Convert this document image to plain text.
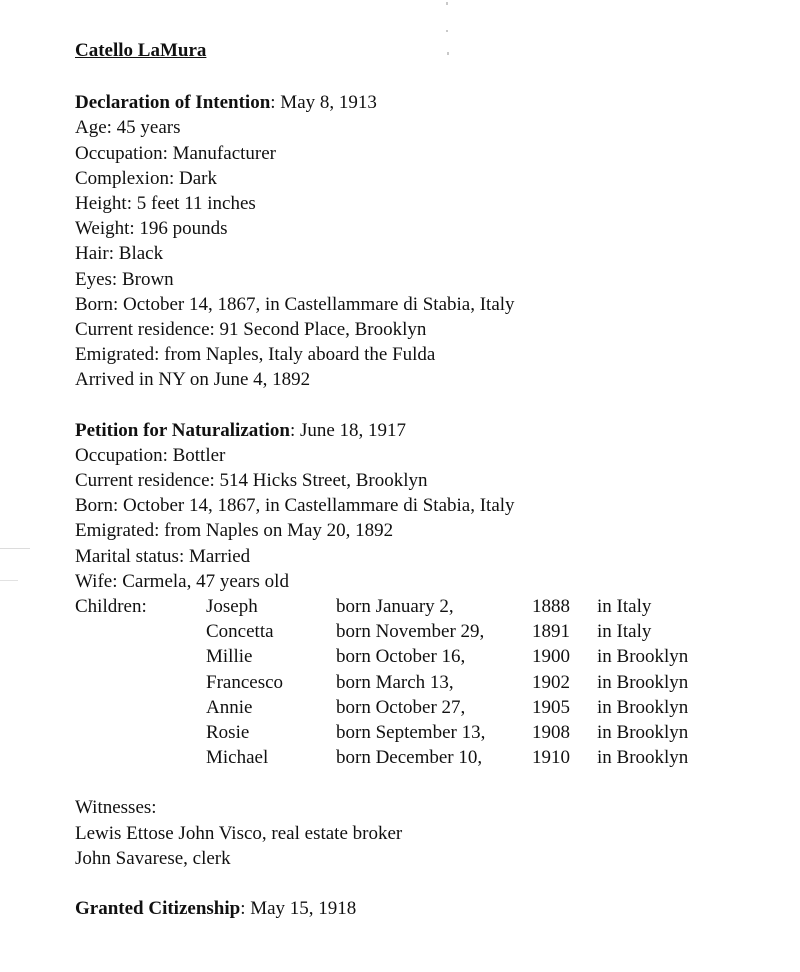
Catello LaMura
Declaration of Intention: May 8, 1913
Age: 45 years
Occupation: Manufacturer
Complexion: Dark
Height: 5 feet 11 inches
Weight: 196 pounds
Hair: Black
Eyes: Brown
Born: October 14, 1867, in Castellammare di Stabia, Italy
Current residence: 91 Second Place, Brooklyn
Emigrated: from Naples, Italy aboard the Fulda
Arrived in NY on June 4, 1892
Petition for Naturalization: June 18, 1917
Occupation: Bottler
Current residence: 514 Hicks Street, Brooklyn
Born: October 14, 1867, in Castellammare di Stabia, Italy
Emigrated: from Naples on May 20, 1892
Marital status: Married
Wife: Carmela, 47 years old
Children:	Joseph	born January 2,	1888 in Italy
Concetta	born November 29,	1891 in Italy
Millie	born October 16,	1900 in Brooklyn
Francesco	born March 13,	1902 in Brooklyn
Annie	born October 27,	1905 in Brooklyn
Rosie	born September 13, 1908 in Brooklyn
Michael	born December 10,	1910 in Brooklyn
Witnesses:
Lewis Ettose John Visco, real estate broker
John Savarese, clerk
Granted Citizenship: May 15, 1918
